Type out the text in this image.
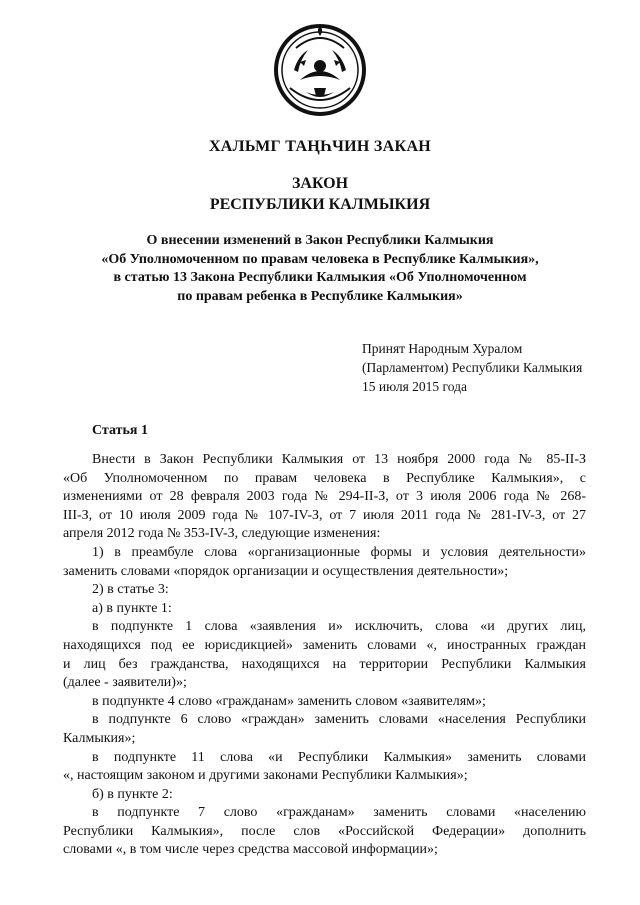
ХАЛЬМГ ТАҢҺЧИН ЗАКАН
ЗАКОН
РЕСПУБЛИКИ КАЛМЫКИЯ
О внесении изменений в Закон Республики Калмыкия
«Об Уполномоченном по правам человека в Республике Калмыкия»,
в статью 13 Закона Республики Калмыкия «Об Уполномоченном
по правам ребенка в Республике Калмыкия»
Принят Народным Хуралом
(Парламентом) Республики Калмыкия
15 июля 2015 года
Статья 1

Внести в Закон Республики Калмыкия от 13 ноября 2000 года № 85-II-З

«Об Уполномоченном по правам человека в Республике Калмыкия», с

изменениями от 28 февраля 2003 года № 294-II-З, от 3 июля 2006 года № 268-

III-З, от 10 июля 2009 года № 107-IV-З, от 7 июля 2011 года № 281-IV-З, от 27

апреля 2012 года № 353-IV-З, следующие изменения:

1) в преамбуле слова «организационные формы и условия деятельности»

заменить словами «порядок организации и осуществления деятельности»;

2) в статье 3:

а) в пункте 1:

в подпункте 1 слова «заявления и» исключить, слова «и других лиц,

находящихся под ее юрисдикцией» заменить словами «, иностранных граждан

и лиц без гражданства, находящихся на территории Республики Калмыкия

(далее - заявители)»;

в подпункте 4 слово «гражданам» заменить словом «заявителям»;

в подпункте 6 слово «граждан» заменить словами «населения Республики

Калмыкия»;

в подпункте 11 слова «и Республики Калмыкия» заменить словами

«, настоящим законом и другими законами Республики Калмыкия»;

б) в пункте 2:

в подпункте 7 слово «гражданам» заменить словами «населению

Республики Калмыкия», после слов «Российской Федерации» дополнить

словами «, в том числе через средства массовой информации»;
